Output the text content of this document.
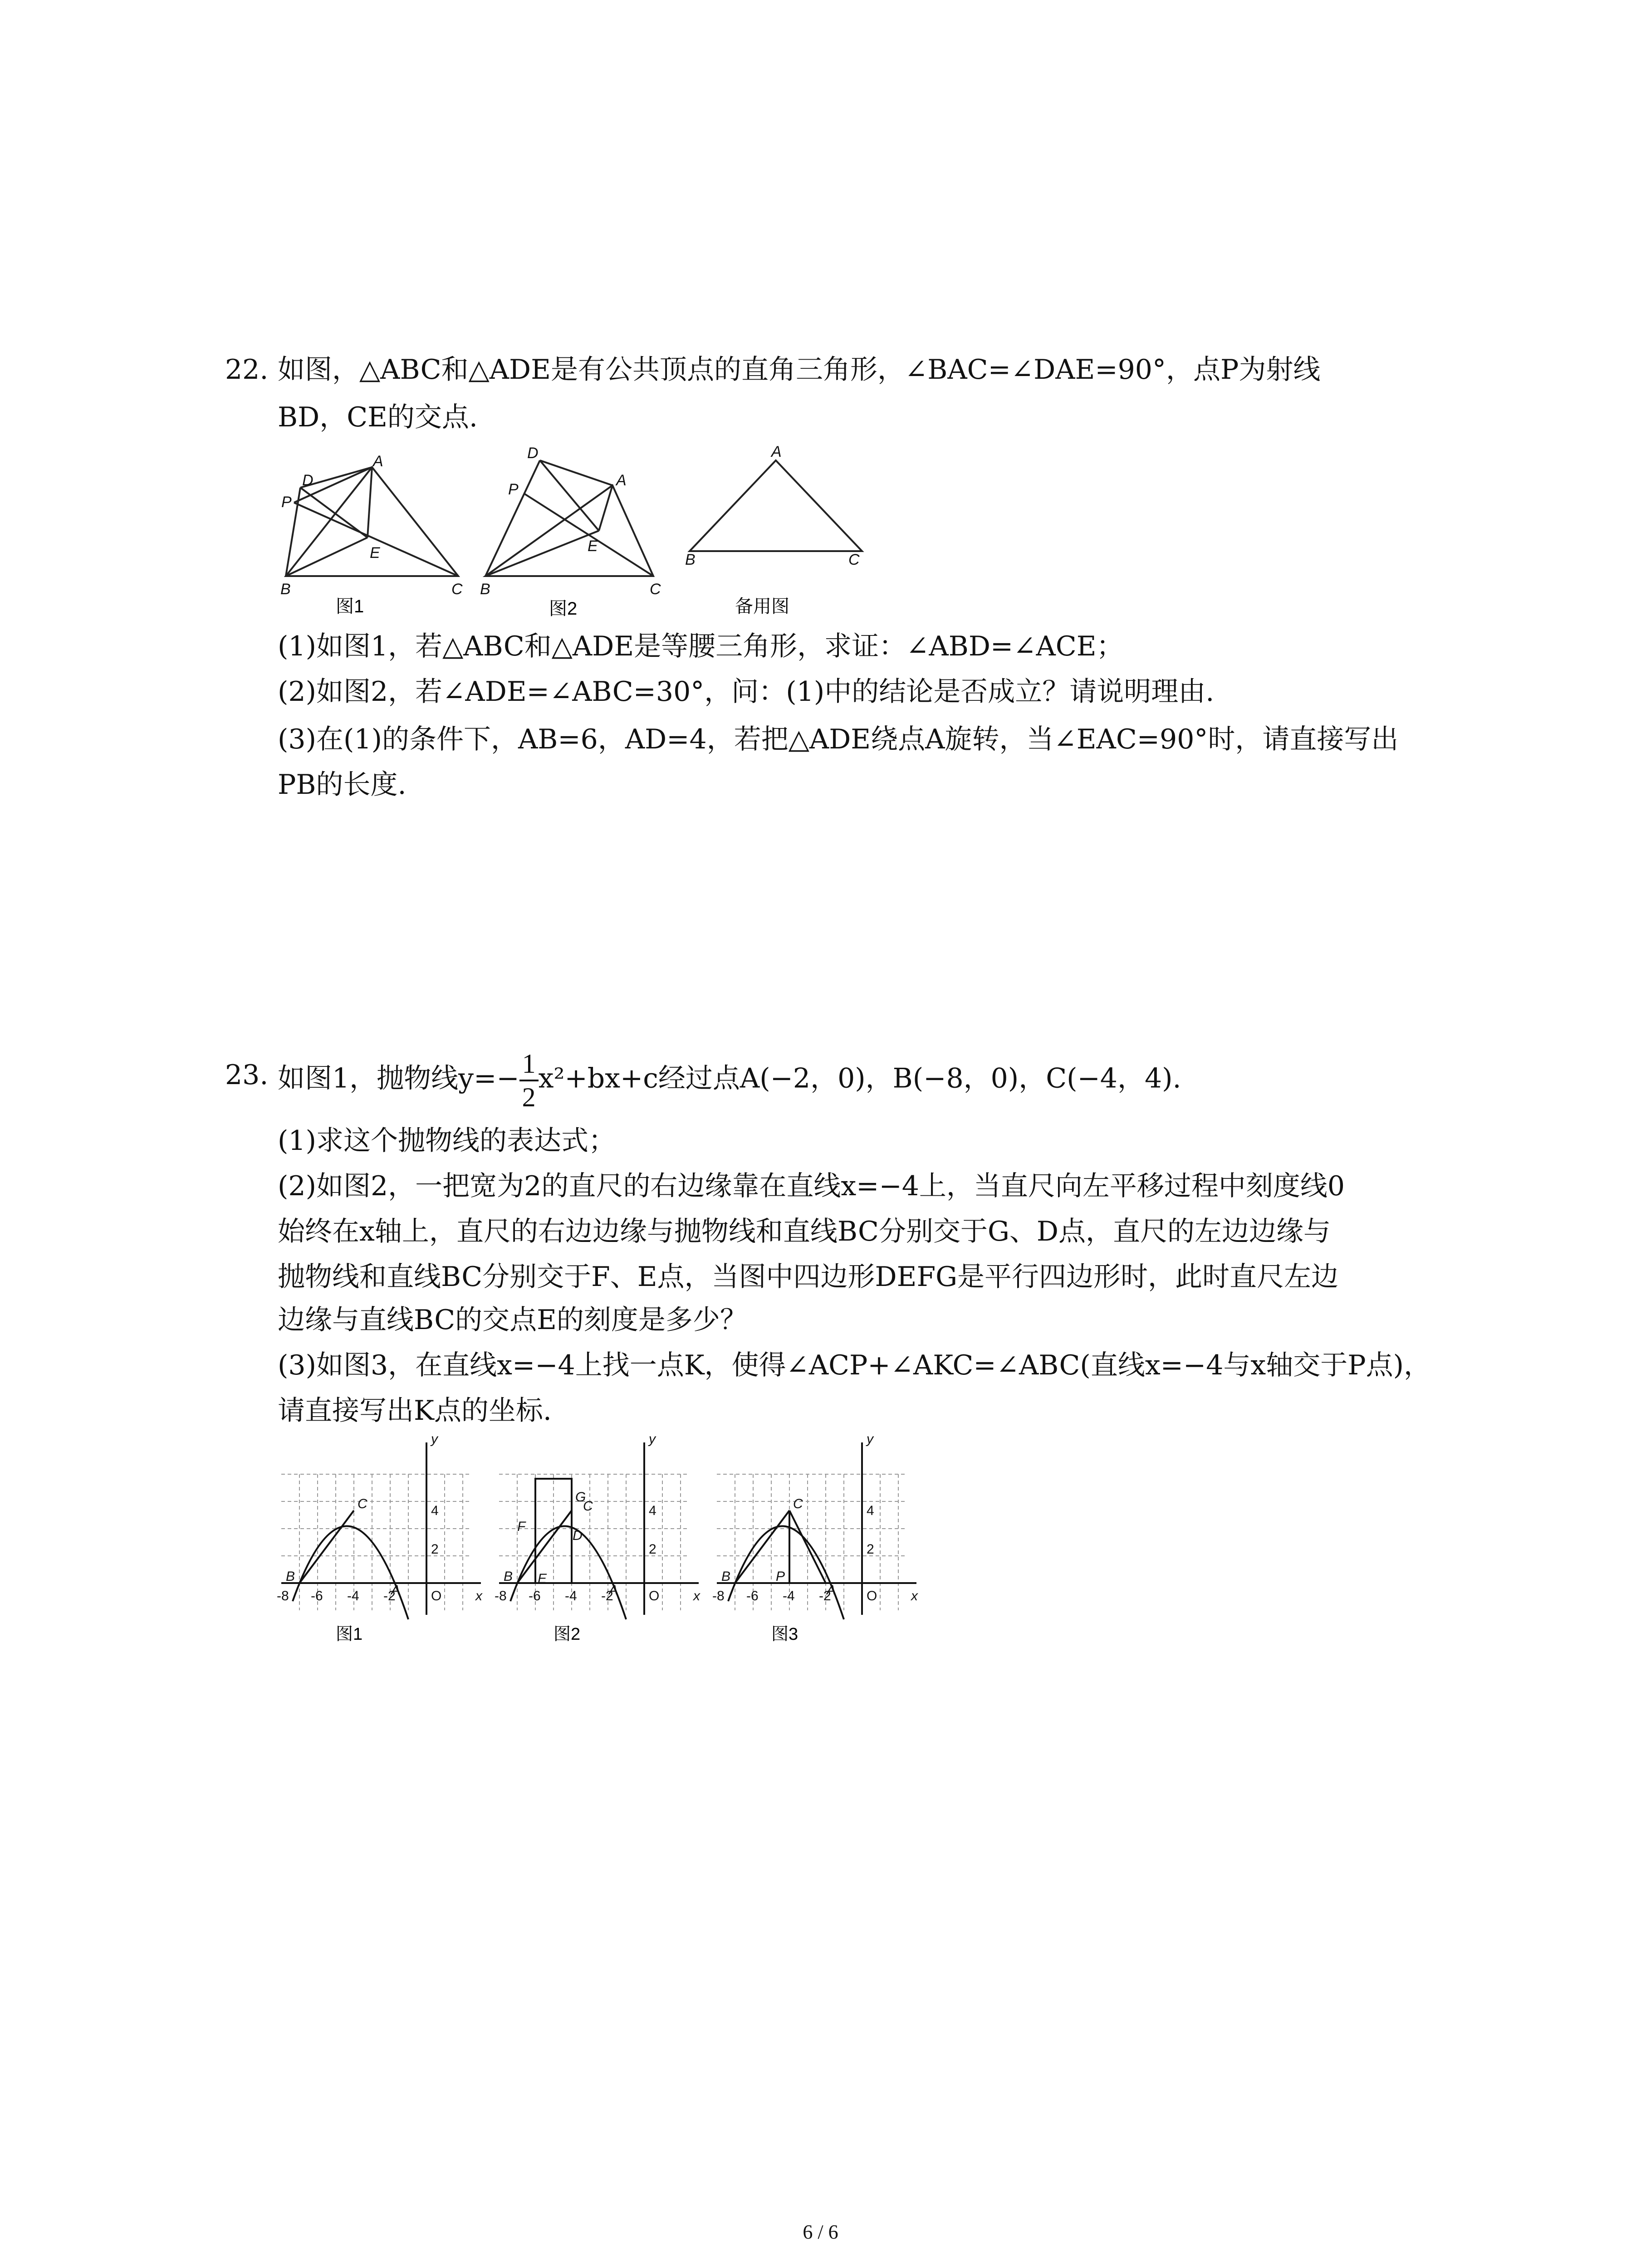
22. 如图，△ABC和△ADE是有公共顶点的直角三角形，∠BAC=∠DAE=90°，点P为射线
BD，CE的交点.
D
P
A
E
B	C
图1
D
P
A
E
B	C
图2
A
B	C
备用图
(1)如图1，若△ABC和△ADE是等腰三角形，求证：∠ABD=∠ACE；
(2)如图2，若∠ADE=∠ABC=30°，问：(1)中的结论是否成立？请说明理由.
(3)在(1)的条件下，AB=6，AD=4，若把△ADE绕点A旋转，当∠EAC=90°时，请直接写出
PB的长度.
23. 如图1，抛物线$y=- \frac{1}{2} x^2+bx+c$经过点A(−2，0)，B(−8，0)，C(−4，4).
(1)求这个抛物线的表达式；
(2)如图2，一把宽为2的直尺的右边缘靠在直线x=−4上，当直尺向左平移过程中刻度线0
始终在x轴上，直尺的右边边缘与抛物线和直线BC分别交于G、D点，直尺的左边边缘与
抛物线和直线BC分别交于F、E点，当图中四边形DEFG是平行四边形时，此时直尺左边
边缘与直线BC的交点E的刻度是多少？
(3)如图3，在直线x=−4上找一点K，使得∠ACP+∠AKC=∠ABC(直线x=−4与x轴交于P点)，
请直接写出K点的坐标.
C
B
A
y
x
-8 -6 -4 -2	O
4
2
图1
G
C
F
D
E
B
A
y
x
-8 -6 -4 -2	O
4
2
图2
C
B
A
P
y
x
-8 -6 -4 -2	O
4
2
图3
6 / 6
